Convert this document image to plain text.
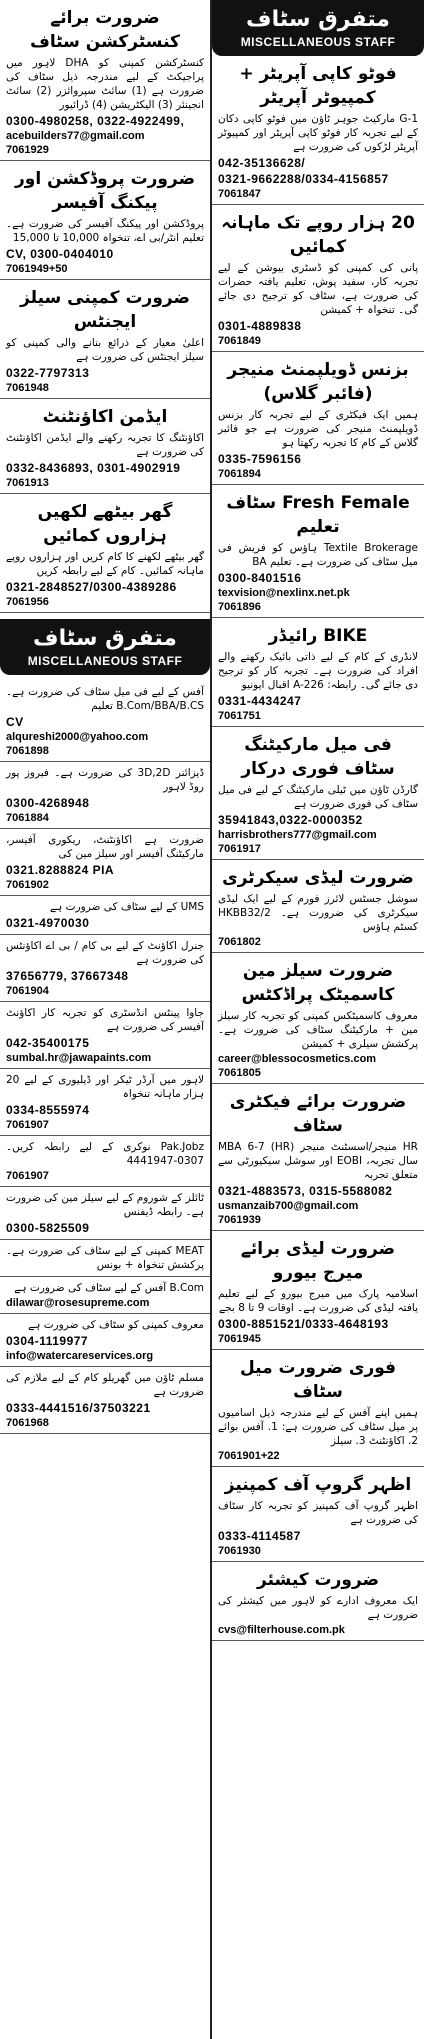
متفرق سٹاف
MISCELLANEOUS STAFF
فوٹو کاپی آپریٹر + کمپیوٹر آپریٹر
G-1 مارکیٹ جوہر ٹاؤن میں فوٹو کاپی دکان کے لیے تجربہ کار فوٹو کاپی آپریٹر اور کمپیوٹر آپریٹر لڑکوں کی ضرورت ہے
042-35136628/
0321-9662288/0334-4156857
7061847
20 ہزار روپے تک ماہانہ کمائیں
پانی کی کمپنی کو ڈسٹری بیوشن کے لیے تجربہ کار، سفید پوش، تعلیم یافتہ حضرات کی ضرورت ہے، سٹاف کو ترجیح دی جائے گی۔ تنخواہ + کمیشن
0301-4889838
7061849
بزنس ڈویلپمنٹ منیجر (فائبر گلاس)
ہمیں ایک فیکٹری کے لیے تجربہ کار بزنس ڈویلپمنٹ منیجر کی ضرورت ہے جو فائبر گلاس کے کام کا تجربہ رکھتا ہو
0335-7596156
7061894
Fresh Female سٹاف تعلیم
Textile Brokerage ہاؤس کو فریش فی میل سٹاف کی ضرورت ہے۔ تعلیم BA
0300-8401516
texvision@nexlinx.net.pk
7061896
BIKE رائیڈر
لانڈری کے کام کے لیے ذاتی بائیک رکھنے والے افراد کی ضرورت ہے۔ تجربہ کار کو ترجیح دی جائے گی۔ رابطہ: A-226 اقبال ایونیو
0331-4434247
7061751
فی میل مارکیٹنگ سٹاف فوری درکار
گارڈن ٹاؤن میں ٹیلی مارکیٹنگ کے لیے فی میل سٹاف کی فوری ضرورت ہے
35941843,0322-0000352
harrisbrothers777@gmail.com
7061917
ضرورت لیڈی سیکرٹری
سوشل جسٹس لائرز فورم کے لیے ایک لیڈی سیکرٹری کی ضرورت ہے۔ HKBB32/2 کسٹم ہاؤس
7061802
ضرورت سیلز مین کاسمیٹک پراڈکٹس
معروف کاسمیٹکس کمپنی کو تجربہ کار سیلز مین + مارکیٹنگ سٹاف کی ضرورت ہے۔ پرکشش سیلری + کمیشن
career@blessocosmetics.com
7061805
ضرورت برائے فیکٹری سٹاف
HR منیجر/اسسٹنٹ منیجر (HR) MBA 6-7 سال تجربہ، EOBI اور سوشل سیکیورٹی سے متعلق تجربہ
0321-4883573, 0315-5588082
usmanzaib700@gmail.com
7061939
ضرورت لیڈی برائے میرج بیورو
اسلامیہ پارک میں میرج بیورو کے لیے تعلیم یافتہ لیڈی کی ضرورت ہے۔ اوقات 9 تا 8 بجے
0300-8851521/0333-4648193
7061945
فوری ضرورت میل سٹاف
ہمیں اپنے آفس کے لیے مندرجہ ذیل اسامیوں پر میل سٹاف کی ضرورت ہے: 1. آفس بوائے 2. اکاؤنٹنٹ 3. سیلز
7061901+22
اظہر گروپ آف کمپنیز
اظہر گروپ آف کمپنیز کو تجربہ کار سٹاف کی ضرورت ہے
0333-4114587
7061930
ضرورت کیشئر
ایک معروف ادارے کو لاہور میں کیشئر کی ضرورت ہے
cvs@filterhouse.com.pk
ضرورت برائے کنسٹرکشن سٹاف
کنسٹرکشن کمپنی کو DHA لاہور میں پراجیکٹ کے لیے مندرجہ ذیل سٹاف کی ضرورت ہے (1) سائٹ سپروائزر (2) سائٹ انجینئر (3) الیکٹریشن (4) ڈرائیور
0300-4980258, 0322-4922499,
acebuilders77@gmail.com
7061929
ضرورت پروڈکشن اور پیکنگ آفیسر
پروڈکشن اور پیکنگ آفیسر کی ضرورت ہے۔ تعلیم انٹر/بی اے، تنخواہ 10,000 تا 15,000
CV, 0300-0404010
7061949+50
ضرورت کمپنی سیلز ایجنٹس
اعلیٰ معیار کے ذرائع بنانے والی کمپنی کو سیلز ایجنٹس کی ضرورت ہے
0322-7797313
7061948
ایڈمن اکاؤنٹنٹ
اکاؤنٹنگ کا تجربہ رکھنے والے ایڈمن اکاؤنٹنٹ کی ضرورت ہے
0332-8436893, 0301-4902919
7061913
گھر بیٹھے لکھیں ہزاروں کمائیں
گھر بیٹھے لکھنے کا کام کریں اور ہزاروں روپے ماہانہ کمائیں۔ کام کے لیے رابطہ کریں
0321-2848527/0300-4389286
7061956
متفرق سٹاف
MISCELLANEOUS STAFF
آفس کے لیے فی میل سٹاف کی ضرورت ہے۔ B.Com/BBA/B.CS تعلیم
CV
alqureshi2000@yahoo.com
7061898
ڈیزائنر 3D,2D کی ضرورت ہے۔ فیروز پور روڈ لاہور
0300-4268948
7061884
ضرورت ہے اکاؤنٹنٹ، ریکوری آفیسر، مارکیٹنگ آفیسر اور سیلز مین کی
0321.8288824 PIA
7061902
UMS کے لیے سٹاف کی ضرورت ہے
0321-4970030
جنرل اکاؤنٹ کے لیے بی کام / بی اے اکاؤنٹس کی ضرورت ہے
37656779, 37667348
7061904
جاوا پینٹس انڈسٹری کو تجربہ کار اکاؤنٹ آفیسر کی ضرورت ہے
042-35400175
sumbal.hr@jawapaints.com
لاہور میں آرڈر ٹیکر اور ڈیلیوری کے لیے 20 ہزار ماہانہ تنخواہ
0334-8555974
7061907
Pak.Jobz نوکری کے لیے رابطہ کریں۔ 0307-4441947
7061907
ٹائلز کے شوروم کے لیے سیلز مین کی ضرورت ہے۔ رابطہ ڈیفنس
0300-5825509
MEAT کمپنی کے لیے سٹاف کی ضرورت ہے۔ پرکشش تنخواہ + بونس
B.Com آفس کے لیے سٹاف کی ضرورت ہے
dilawar@rosesupreme.com
معروف کمپنی کو سٹاف کی ضرورت ہے
0304-1119977
info@watercareservices.org
مسلم ٹاؤن میں گھریلو کام کے لیے ملازم کی ضرورت ہے
0333-4441516/37503221
7061968
